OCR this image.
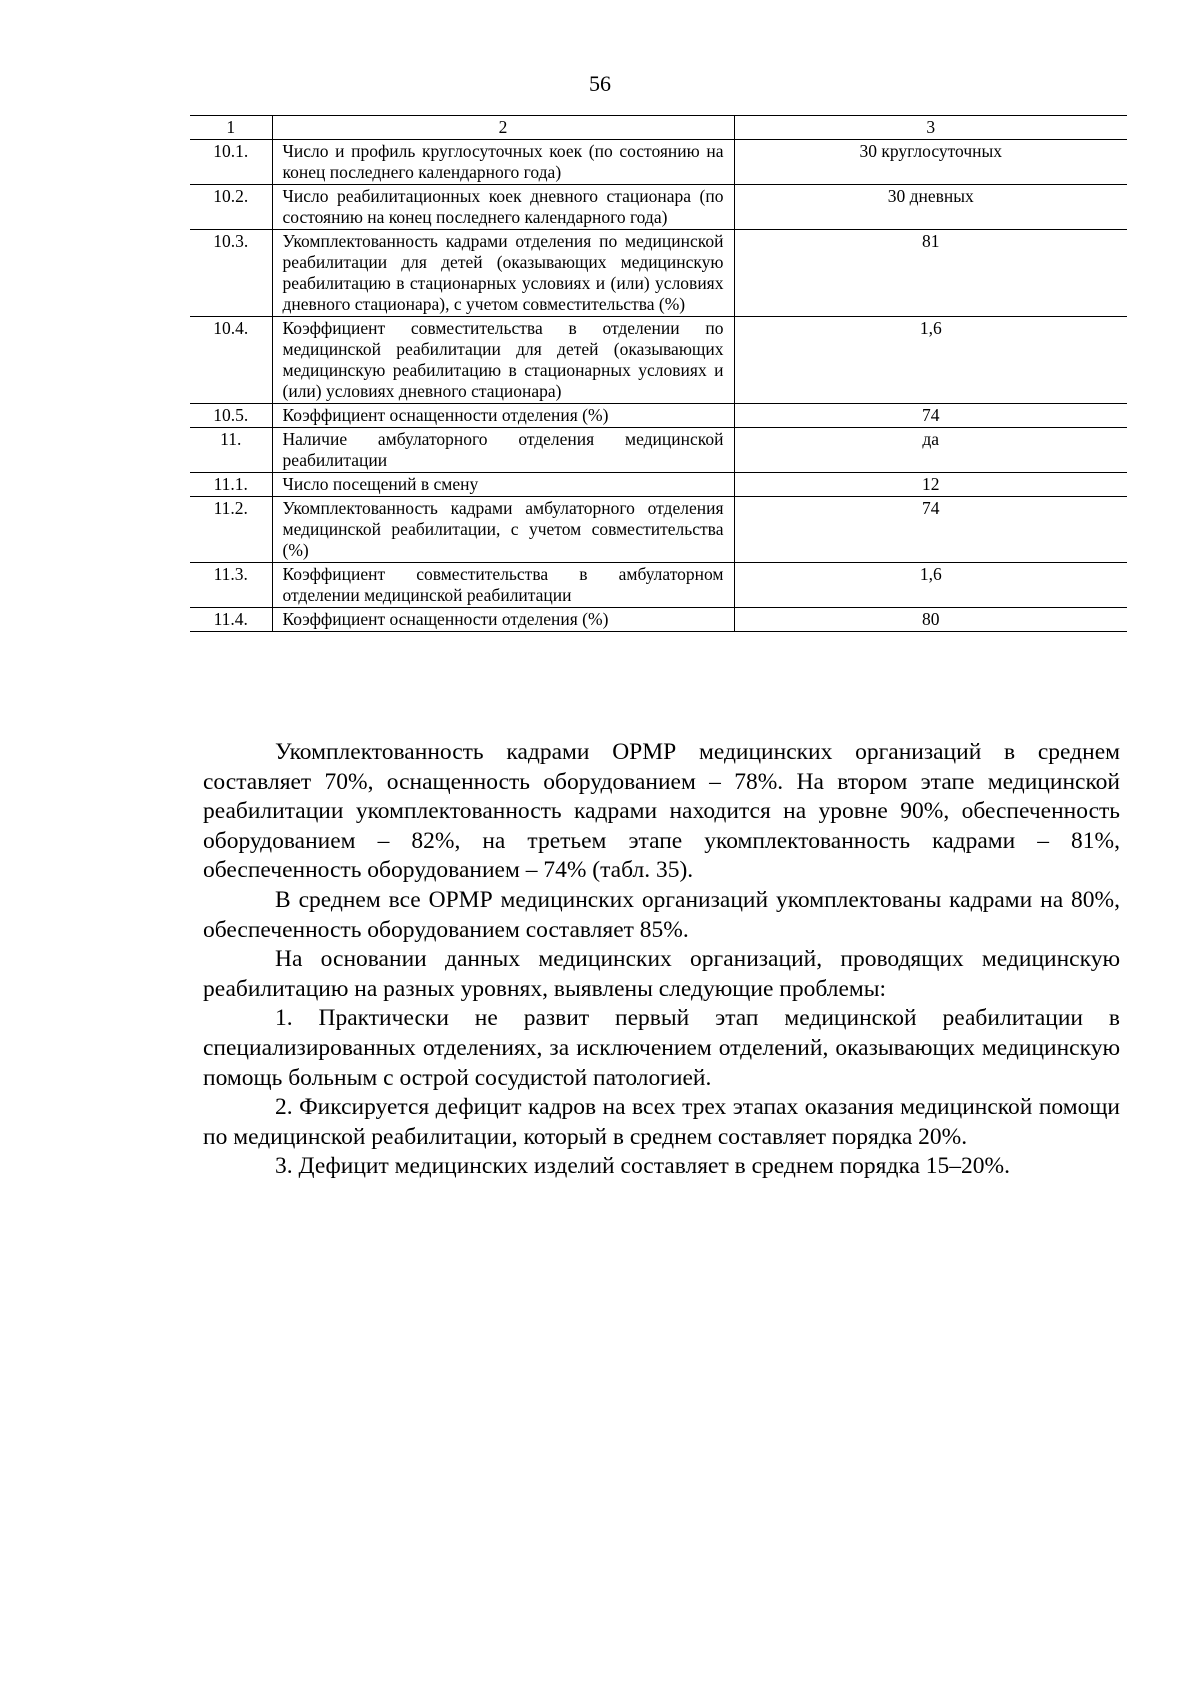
56
1	2	3
10.1.	Число и профиль круглосуточных коек (по состоянию на конец последнего календарного года)	30 круглосуточных
10.2.	Число реабилитационных коек дневного стационара (по состоянию на конец последнего календарного года)	30 дневных
10.3.	Укомплектованность кадрами отделения по медицинской реабилитации для детей (оказывающих медицинскую реабилитацию в стационарных условиях и (или) условиях дневного стационара), с учетом совместительства (%)	81
10.4.	Коэффициент совместительства в отделении по медицинской реабилитации для детей (оказывающих медицинскую реабилитацию в стационарных условиях и (или) условиях дневного стационара)	1,6
10.5.	Коэффициент оснащенности отделения (%)	74
11.	Наличие амбулаторного отделения медицинской реабилитации	да
11.1.	Число посещений в смену	12
11.2.	Укомплектованность кадрами амбулаторного отделения медицинской реабилитации, с учетом совместительства (%)	74
11.3.	Коэффициент совместительства в амбулаторном отделении медицинской реабилитации	1,6
11.4.	Коэффициент оснащенности отделения (%)	80

Укомплектованность кадрами ОРМР медицинских организаций в среднем составляет 70%, оснащенность оборудованием – 78%. На втором этапе медицинской реабилитации укомплектованность кадрами находится на уровне 90%, обеспеченность оборудованием – 82%, на третьем этапе укомплектованность кадрами – 81%, обеспеченность оборудованием – 74% (табл. 35).

В среднем все ОРМР медицинских организаций укомплектованы кадрами на 80%, обеспеченность оборудованием составляет 85%.

На основании данных медицинских организаций, проводящих медицинскую реабилитацию на разных уровнях, выявлены следующие проблемы:

1. Практически не развит первый этап медицинской реабилитации в специализированных отделениях, за исключением отделений, оказывающих медицинскую помощь больным с острой сосудистой патологией.

2. Фиксируется дефицит кадров на всех трех этапах оказания медицинской помощи по медицинской реабилитации, который в среднем составляет порядка 20%.

3. Дефицит медицинских изделий составляет в среднем порядка 15–20%.
